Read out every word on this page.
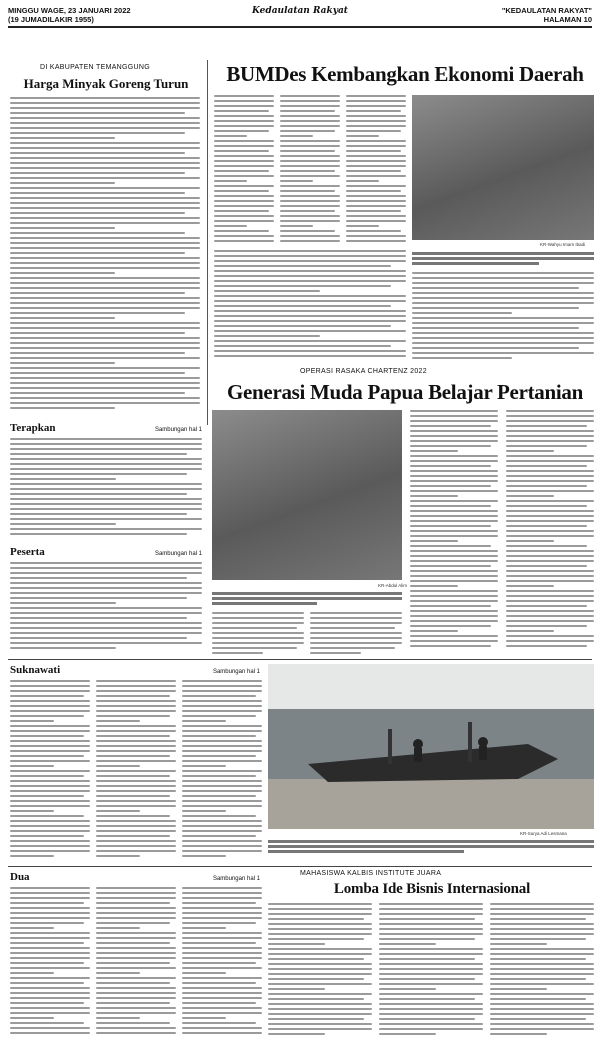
MINGGU WAGE, 23 JANUARI 2022
(19 JUMADILAKIR 1955)
Kedaulatan Rakyat	"KEDAULATAN RAKYAT"
HALAMAN 10
DI KABUPATEN TEMANGGUNG
Harga Minyak Goreng Turun	BUMDes Kembangkan Ekonomi Daerah
KR-Wahyu Imam Ibadi
OPERASI RASAKA CHARTENZ 2022
Generasi Muda Papua Belajar Pertanian
KR-Abdul Alim
Terapkan	Sambungan hal 1
Peserta	Sambungan hal 1
Suknawati	Sambungan hal 1
KR-Surya Adi Lesmana
Dua	Sambungan hal 1
MAHASISWA KALBIS INSTITUTE JUARA
Lomba Ide Bisnis Internasional
